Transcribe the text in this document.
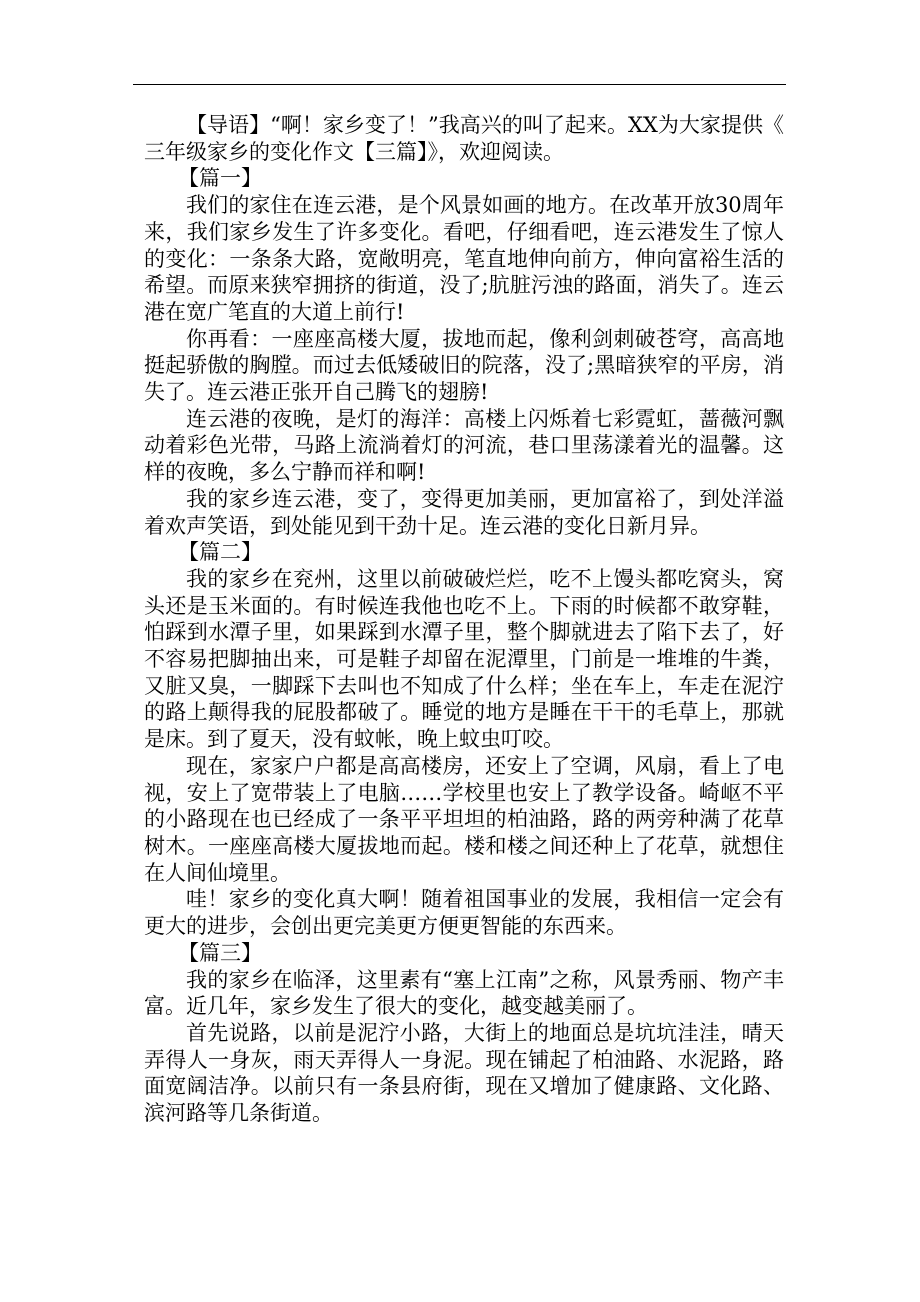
【导语】“啊！家乡变了！”我高兴的叫了起来。XX为大家提供《三年级家乡的变化作文【三篇】》，欢迎阅读。

【篇一】

我们的家住在连云港，是个风景如画的地方。在改革开放30周年来，我们家乡发生了许多变化。看吧，仔细看吧，连云港发生了惊人的变化：一条条大路，宽敞明亮，笔直地伸向前方，伸向富裕生活的希望。而原来狭窄拥挤的街道，没了;肮脏污浊的路面，消失了。连云港在宽广笔直的大道上前行!

你再看：一座座高楼大厦，拔地而起，像利剑刺破苍穹，高高地挺起骄傲的胸膛。而过去低矮破旧的院落，没了;黑暗狭窄的平房，消失了。连云港正张开自己腾飞的翅膀!

连云港的夜晚，是灯的海洋：高楼上闪烁着七彩霓虹，蔷薇河飘动着彩色光带，马路上流淌着灯的河流，巷口里荡漾着光的温馨。这样的夜晚，多么宁静而祥和啊!

我的家乡连云港，变了，变得更加美丽，更加富裕了，到处洋溢着欢声笑语，到处能见到干劲十足。连云港的变化日新月异。

【篇二】

我的家乡在兖州，这里以前破破烂烂，吃不上馒头都吃窝头，窝头还是玉米面的。有时候连我他也吃不上。下雨的时候都不敢穿鞋，怕踩到水潭子里，如果踩到水潭子里，整个脚就进去了陷下去了，好不容易把脚抽出来，可是鞋子却留在泥潭里，门前是一堆堆的牛粪，又脏又臭，一脚踩下去叫也不知成了什么样；坐在车上，车走在泥泞的路上颠得我的屁股都破了。睡觉的地方是睡在干干的毛草上，那就是床。到了夏天，没有蚊帐，晚上蚊虫叮咬。

现在，家家户户都是高高楼房，还安上了空调，风扇，看上了电视，安上了宽带装上了电脑……学校里也安上了教学设备。崎岖不平的小路现在也已经成了一条平平坦坦的柏油路，路的两旁种满了花草树木。一座座高楼大厦拔地而起。楼和楼之间还种上了花草，就想住在人间仙境里。

哇！家乡的变化真大啊！随着祖国事业的发展，我相信一定会有更大的进步，会创出更完美更方便更智能的东西来。

【篇三】

我的家乡在临泽，这里素有“塞上江南”之称，风景秀丽、物产丰富。近几年，家乡发生了很大的变化，越变越美丽了。

首先说路，以前是泥泞小路，大街上的地面总是坑坑洼洼，晴天弄得人一身灰，雨天弄得人一身泥。现在铺起了柏油路、水泥路，路面宽阔洁净。以前只有一条县府街，现在又增加了健康路、文化路、滨河路等几条街道。
